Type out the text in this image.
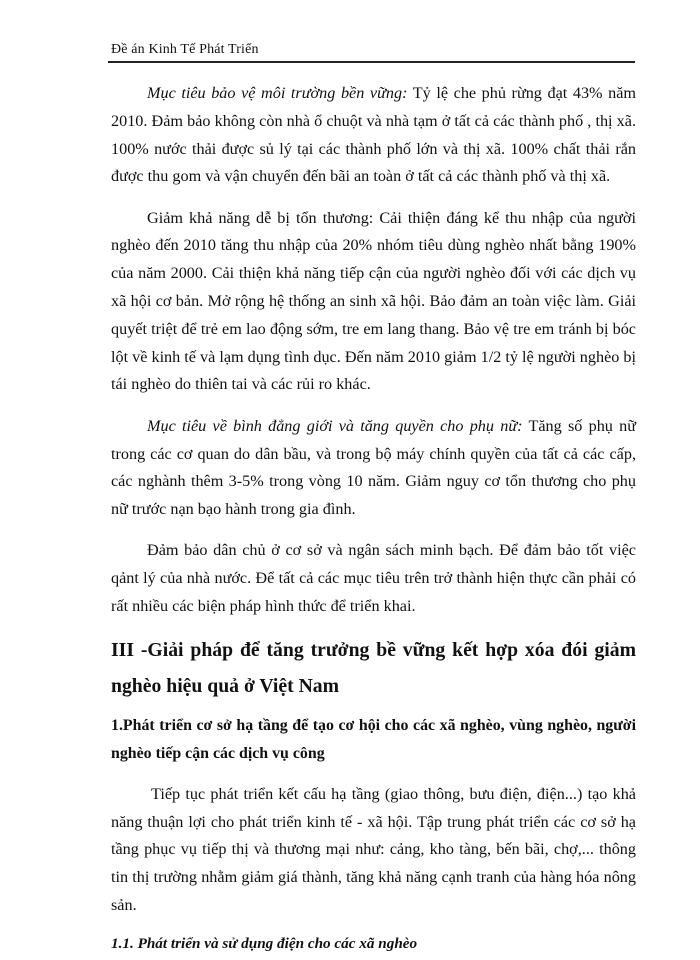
Đề án Kinh Tế Phát Triển

Mục tiêu bảo vệ môi trường bền vững: Tỷ lệ che phủ rừng đạt 43% năm 2010. Đảm bảo không còn nhà ổ chuột và nhà tạm ở tất cả các thành phố , thị xã. 100% nước thải được sủ lý tại các thành phố lớn và thị xã. 100% chất thải rắn được thu gom và vận chuyển đến bãi an toàn ở tất cả các thành phố và thị xã.

Giảm khả năng dễ bị tổn thương: Cải thiện đáng kể thu nhập của người nghèo đến 2010 tăng thu nhập của 20% nhóm tiêu dùng nghèo nhất bằng 190% của năm 2000. Cải thiện khả năng tiếp cận của người nghèo đối với các dịch vụ xã hội cơ bản. Mở rộng hệ thống an sinh xã hội. Bảo đảm an toàn việc làm. Giải quyết triệt để trẻ em lao động sớm, tre em lang thang. Bảo vệ tre em tránh bị bóc lột về kinh tế và lạm dụng tình dục. Đến năm 2010 giảm 1/2 tỷ lệ người nghèo bị tái nghèo do thiên tai và các rủi ro khác.

Mục tiêu về bình đẳng giới và tăng quyền cho phụ nữ: Tăng số phụ nữ trong các cơ quan do dân bầu, và trong bộ máy chính quyền của tất cả các cấp, các nghành thêm 3-5% trong vòng 10 năm. Giảm nguy cơ tổn thương cho phụ nữ trước nạn bạo hành trong gia đình.

Đảm bảo dân chủ ở cơ sở và ngân sách minh bạch. Để đảm bảo tốt việc qảnt lý của nhà nước. Để tất cả các mục tiêu trên trở thành hiện thực cần phải có rất nhiều các biện pháp hình thức để triển khai.

III -Giải pháp để tăng trưởng bề vững kết hợp xóa đói giảm nghèo hiệu quả ở Việt Nam

1.Phát triển cơ sở hạ tầng để tạo cơ hội cho các xã nghèo, vùng nghèo, người nghèo tiếp cận các dịch vụ công

Tiếp tục phát triển kết cấu hạ tầng (giao thông, bưu điện, điện...) tạo khả năng thuận lợi cho phát triển kinh tế - xã hội. Tập trung phát triển các cơ sở hạ tầng phục vụ tiếp thị và thương mại như: cảng, kho tàng, bến bãi, chợ,... thông tin thị trường nhằm giảm giá thành, tăng khả năng cạnh tranh của hàng hóa nông sản.

1.1. Phát triển và sử dụng điện cho các xã nghèo
